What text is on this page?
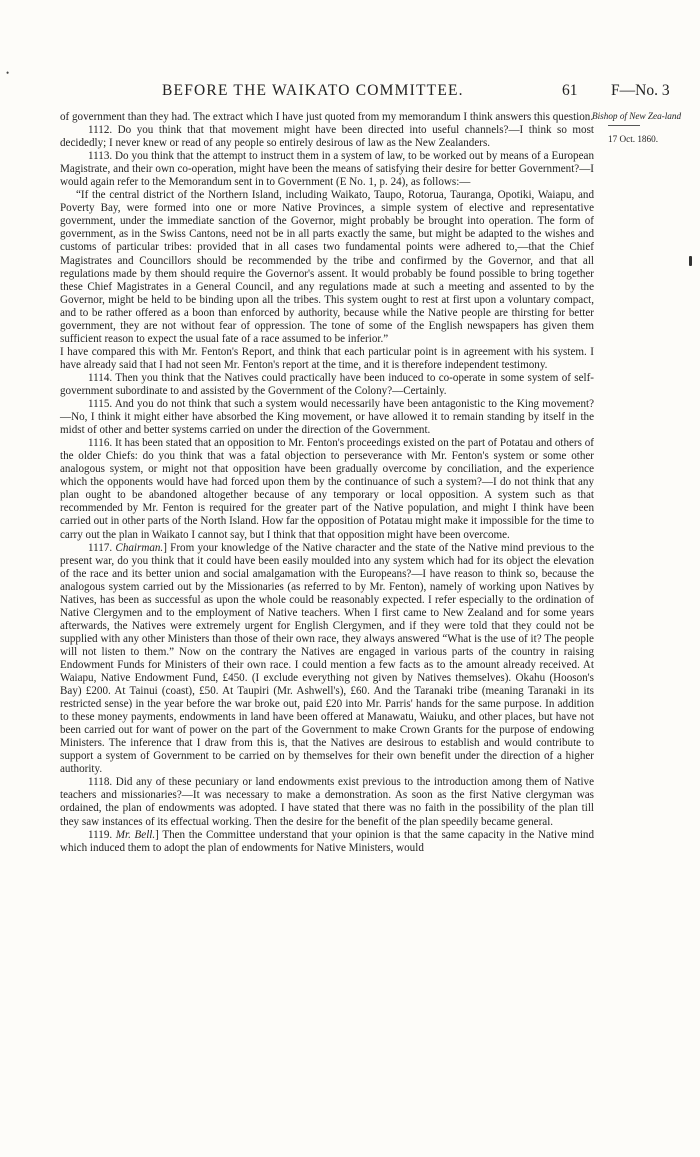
•
BEFORE THE WAIKATO COMMITTEE.	61 F—No. 3
Bishop of New Zea-land
17 Oct. 1860.

of government than they had. The extract which I have just quoted from my memorandum I think answers this question.

1112. Do you think that that movement might have been directed into useful channels?—I think so most decidedly; I never knew or read of any people so entirely desirous of law as the New Zealanders.

1113. Do you think that the attempt to instruct them in a system of law, to be worked out by means of a European Magistrate, and their own co-operation, might have been the means of satisfying their desire for better Government?—I would again refer to the Memorandum sent in to Government (E No. 1, p. 24), as follows:—

“If the central district of the Northern Island, including Waikato, Taupo, Rotorua, Tauranga, Opotiki, Waiapu, and Poverty Bay, were formed into one or more Native Provinces, a simple system of elective and representative government, under the immediate sanction of the Governor, might probably be brought into operation. The form of government, as in the Swiss Cantons, need not be in all parts exactly the same, but might be adapted to the wishes and customs of particular tribes: provided that in all cases two fundamental points were adhered to,—that the Chief Magistrates and Councillors should be recommended by the tribe and confirmed by the Governor, and that all regulations made by them should require the Governor's assent. It would probably be found possible to bring together these Chief Magistrates in a General Council, and any regulations made at such a meeting and assented to by the Governor, might be held to be binding upon all the tribes. This system ought to rest at first upon a voluntary compact, and to be rather offered as a boon than enforced by authority, because while the Native people are thirsting for better government, they are not without fear of oppression. The tone of some of the English newspapers has given them sufficient reason to expect the usual fate of a race assumed to be inferior.”

I have compared this with Mr. Fenton's Report, and think that each particular point is in agreement with his system. I have already said that I had not seen Mr. Fenton's report at the time, and it is therefore independent testimony.

1114. Then you think that the Natives could practically have been induced to co-operate in some system of self-government subordinate to and assisted by the Government of the Colony?—Certainly.

1115. And you do not think that such a system would necessarily have been antagonistic to the King movement?—No, I think it might either have absorbed the King movement, or have allowed it to remain standing by itself in the midst of other and better systems carried on under the direction of the Government.

1116. It has been stated that an opposition to Mr. Fenton's proceedings existed on the part of Potatau and others of the older Chiefs: do you think that was a fatal objection to perseverance with Mr. Fenton's system or some other analogous system, or might not that opposition have been gradually overcome by conciliation, and the experience which the opponents would have had forced upon them by the continuance of such a system?—I do not think that any plan ought to be abandoned altogether because of any temporary or local opposition. A system such as that recommended by Mr. Fenton is required for the greater part of the Native population, and might I think have been carried out in other parts of the North Island. How far the opposition of Potatau might make it impossible for the time to carry out the plan in Waikato I cannot say, but I think that that opposition might have been overcome.

1117. Chairman.] From your knowledge of the Native character and the state of the Native mind previous to the present war, do you think that it could have been easily moulded into any system which had for its object the elevation of the race and its better union and social amalgamation with the Europeans?—I have reason to think so, because the analogous system carried out by the Missionaries (as referred to by Mr. Fenton), namely of working upon Natives by Natives, has been as successful as upon the whole could be reasonably expected. I refer especially to the ordination of Native Clergymen and to the employment of Native teachers. When I first came to New Zealand and for some years afterwards, the Natives were extremely urgent for English Clergymen, and if they were told that they could not be supplied with any other Ministers than those of their own race, they always answered “What is the use of it? The people will not listen to them.” Now on the contrary the Natives are engaged in various parts of the country in raising Endowment Funds for Ministers of their own race. I could mention a few facts as to the amount already received. At Waiapu, Native Endowment Fund, £450. (I exclude everything not given by Natives themselves). Okahu (Hooson's Bay) £200. At Tainui (coast), £50. At Taupiri (Mr. Ashwell's), £60. And the Taranaki tribe (meaning Taranaki in its restricted sense) in the year before the war broke out, paid £20 into Mr. Parris' hands for the same purpose. In addition to these money payments, endowments in land have been offered at Manawatu, Waiuku, and other places, but have not been carried out for want of power on the part of the Government to make Crown Grants for the purpose of endowing Ministers. The inference that I draw from this is, that the Natives are desirous to establish and would contribute to support a system of Government to be carried on by themselves for their own benefit under the direction of a higher authority.

1118. Did any of these pecuniary or land endowments exist previous to the introduction among them of Native teachers and missionaries?—It was necessary to make a demonstration. As soon as the first Native clergyman was ordained, the plan of endowments was adopted. I have stated that there was no faith in the possibility of the plan till they saw instances of its effectual working. Then the desire for the benefit of the plan speedily became general.

1119. Mr. Bell.] Then the Committee understand that your opinion is that the same capacity in the Native mind which induced them to adopt the plan of endowments for Native Ministers, would
